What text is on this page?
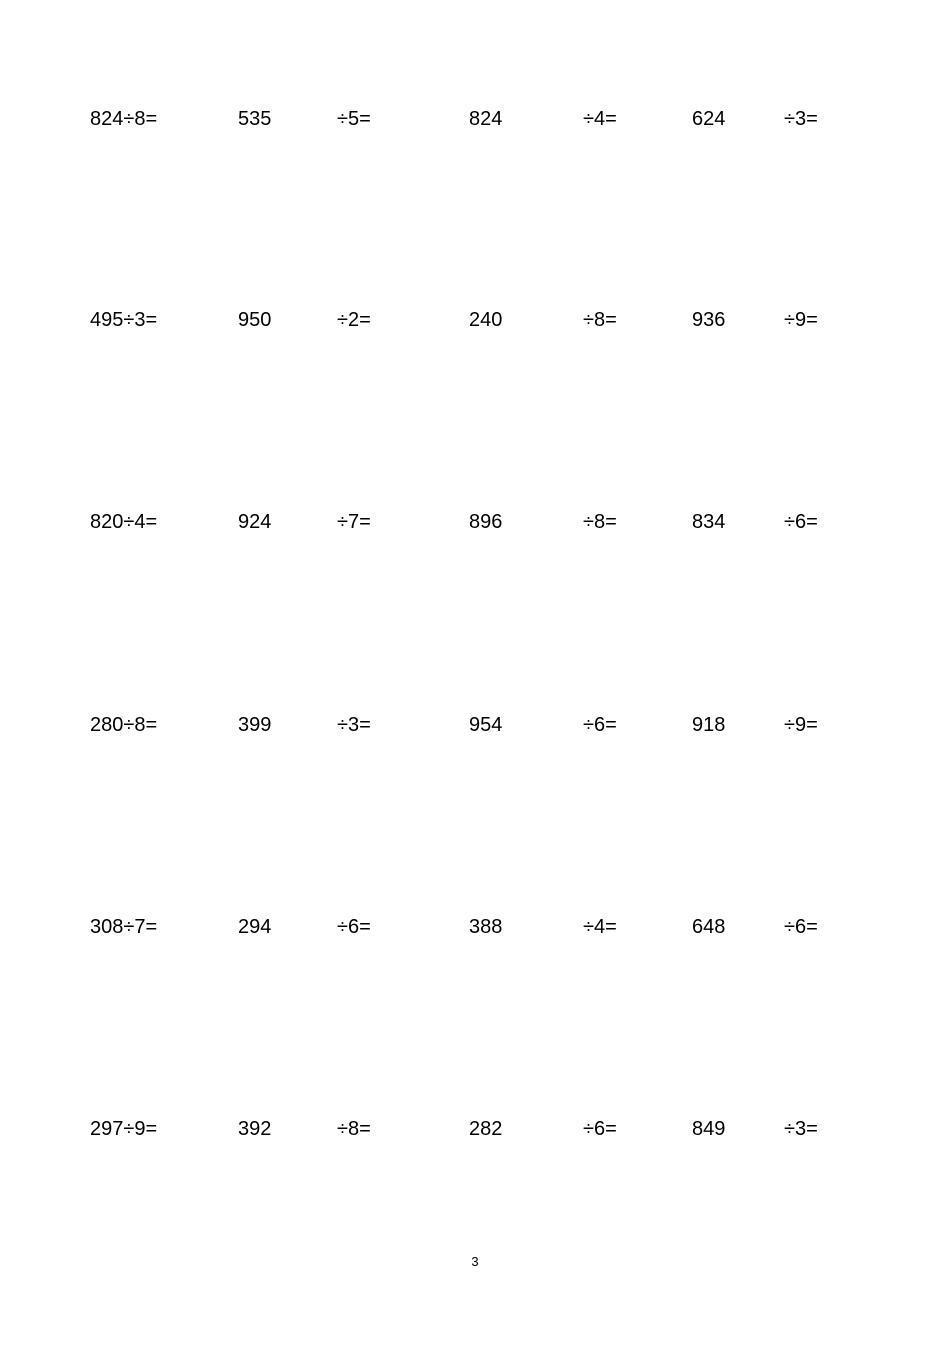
824÷8=	535	÷5=	824	÷4=	624	÷3=
495÷3=	950	÷2=	240	÷8=	936	÷9=
820÷4=	924	÷7=	896	÷8=	834	÷6=
280÷8=	399	÷3=	954	÷6=	918	÷9=
308÷7=	294	÷6=	388	÷4=	648	÷6=
297÷9=	392	÷8=	282	÷6=	849	÷3=
3
